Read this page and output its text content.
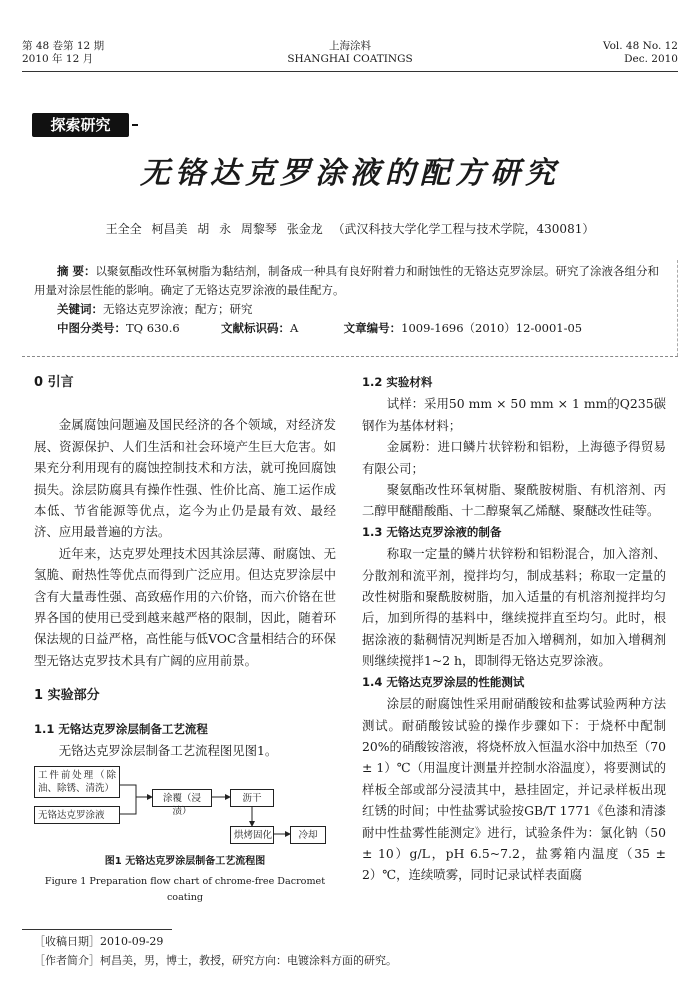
第 48 卷第 12 期
2010 年 12 月
上海涂料
SHANGHAI COATINGS
Vol. 48 No. 12
Dec. 2010
探索研究
无铬达克罗涂液的配方研究
王全全 柯昌美 胡 永 周黎琴 张金龙 （武汉科技大学化学工程与技术学院，430081）
摘 要：以聚氨酯改性环氧树脂为黏结剂，制备成一种具有良好附着力和耐蚀性的无铬达克罗涂层。研究了涂液各组分和用量对涂层性能的影响。确定了无铬达克罗涂液的最佳配方。
关键词：无铬达克罗涂液；配方；研究
中图分类号：TQ 630.6	文献标识码：A	文章编号：1009-1696（2010）12-0001-05
0 引言

金属腐蚀问题遍及国民经济的各个领域，对经济发展、资源保护、人们生活和社会环境产生巨大危害。如果充分利用现有的腐蚀控制技术和方法，就可挽回腐蚀损失。涂层防腐具有操作性强、性价比高、施工运作成本低、节省能源等优点，迄今为止仍是最有效、最经济、应用最普遍的方法。

近年来，达克罗处理技术因其涂层薄、耐腐蚀、无氢脆、耐热性等优点而得到广泛应用。但达克罗涂层中含有大量毒性强、高致癌作用的六价铬，而六价铬在世界各国的使用已受到越来越严格的限制，因此，随着环保法规的日益严格，高性能与低VOC含量相结合的环保型无铬达克罗技术具有广阔的应用前景。

1 实验部分
1.1 无铬达克罗涂层制备工艺流程

无铬达克罗涂层制备工艺流程图见图1。

工件前处理（除油、除锈、清洗）
无铬达克罗涂液
涂覆（浸渍）
沥干
烘烤固化	冷却
图1 无铬达克罗涂层制备工艺流程图
Figure 1 Preparation flow chart of chrome-free Dacromet coating
1.2 实验材料

试样：采用50 mm × 50 mm × 1 mm的Q235碳钢作为基体材料；

金属粉：进口鳞片状锌粉和铝粉，上海德予得贸易有限公司；

聚氨酯改性环氧树脂、聚酰胺树脂、有机溶剂、丙二醇甲醚醋酸酯、十二醇聚氧乙烯醚、聚醚改性硅等。

1.3 无铬达克罗涂液的制备

称取一定量的鳞片状锌粉和铝粉混合，加入溶剂、分散剂和流平剂，搅拌均匀，制成基料；称取一定量的改性树脂和聚酰胺树脂，加入适量的有机溶剂搅拌均匀后，加到所得的基料中，继续搅拌直至均匀。此时，根据涂液的黏稠情况判断是否加入增稠剂，如加入增稠剂则继续搅拌1~2 h，即制得无铬达克罗涂液。

1.4 无铬达克罗涂层的性能测试

涂层的耐腐蚀性采用耐硝酸铵和盐雾试验两种方法测试。耐硝酸铵试验的操作步骤如下：于烧杯中配制20%的硝酸铵溶液，将烧杯放入恒温水浴中加热至（70 ± 1）℃（用温度计测量并控制水浴温度），将要测试的样板全部或部分浸渍其中，悬挂固定，并记录样板出现红锈的时间；中性盐雾试验按GB/T 1771《色漆和清漆 耐中性盐雾性能测定》进行，试验条件为：氯化钠（50 ± 10）g/L，pH 6.5~7.2，盐雾箱内温度（35 ± 2）℃，连续喷雾，同时记录试样表面腐

［收稿日期］2010-09-29
［作者简介］柯昌美，男，博士，教授，研究方向：电镀涂料方面的研究。
